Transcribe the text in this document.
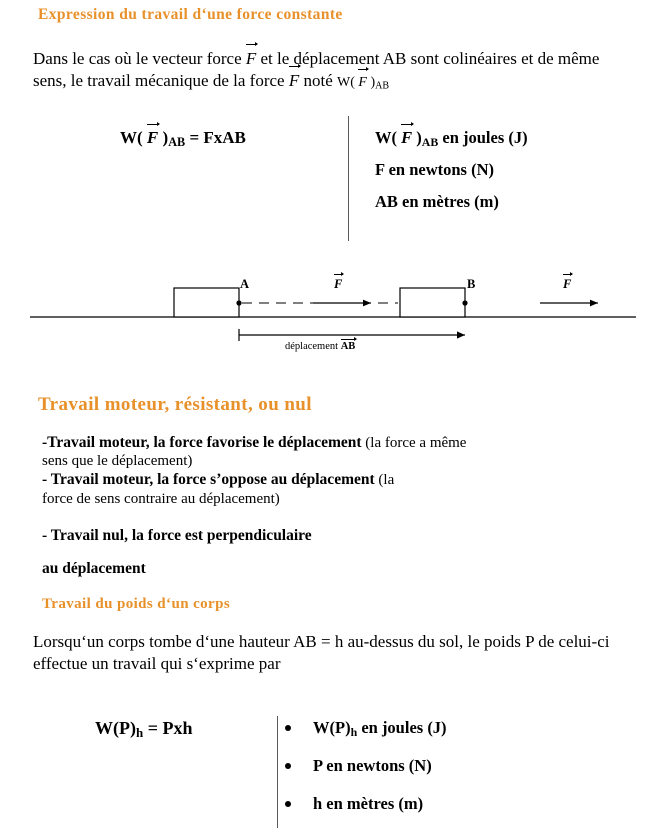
Expression du travail d‘une force constante
Dans le cas où le vecteur force F et le déplacement AB sont colinéaires et de même sens, le travail mécanique de la force F noté W( F )$_{AB}$
W( F )$_{AB}$ = FxAB	W( F )$_{AB}$ en joules (J)
F en newtons (N)
AB en mètres (m)
A	B
F	F
déplacement AB
Travail moteur, résistant, ou nul
-Travail moteur, la force favorise le déplacement (la force a même
sens que le déplacement)
- Travail moteur, la force s’oppose au déplacement (la
force de sens contraire au déplacement)
- Travail nul, la force est perpendiculaire
au déplacement
Travail du poids d‘un corps
Lorsqu‘un corps tombe d‘une hauteur AB = h au-dessus du sol, le poids P de celui-ci effectue un travail qui s‘exprime par
$W(P)_h$ = Pxh	$W(P)_h$ en joules (J)
P en newtons (N)
h en mètres (m)
